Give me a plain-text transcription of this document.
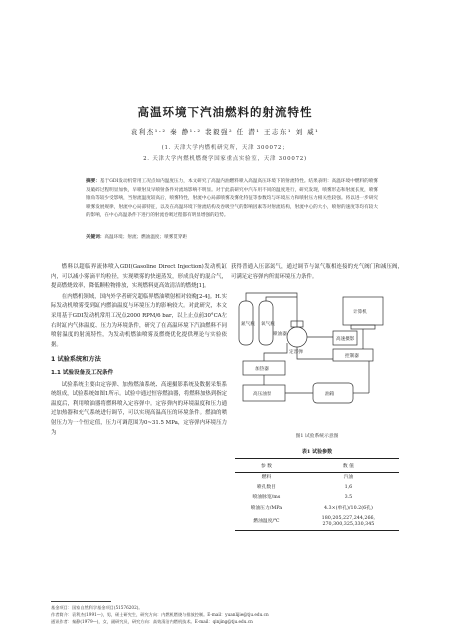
高温环境下汽油燃料的射流特性
袁利杰¹·² 秦 静¹·² 裴毅强² 任 潜¹ 王志东¹ 刘 威¹
(1. 天津大学内燃机研究所，天津 300072；
2. 天津大学内燃机燃烧学国家重点实验室，天津 300072)
摘要：基于GDI发动机常用工况点如内温度压力，本文研究了高温内油燃料喷入高温高压环境下的射流特性。结果表明：高温环境中燃料的喷雾及破碎过程明显加快，早喷射及早喷射条件对流场影响不明显。对于此前研究中汽车用不同的温度进行，研究发现，喷雾形态和射流长度，喷雾锥角等较少受影响，当射流温度较高后，喷雾特性，射流中心局部喷雾及雾化特征等参数均与环境压力和喷射压力相关性较强。将以进一步研究喷雾发展规律，射流中心局部特征，以及在高温环境下射流结构及卷吸空气的影响因素等对射流结构，射流中心的大小，喷射的速度等均有较大的影响，在中心高温条件下进行的射流卷吸过程都有明显增强的趋势。
关键词：高温环境；射流；燃油温度；喷雾贯穿距

燃料以超临界流体喷入GDI(Gasoline Direct Injection)发动机缸内，可以减小雾滴平均粒径，实现喷雾的快速蒸发，形成良好的混合气，提高燃烧效率，降低颗粒物排放，实现燃料更高效清洁的燃烧[1]。

在内燃机领域，国内外学者研究超临界燃油喷射相对较晚[2-4]。H.实际发动机喷雾受到缸内燃油温度与环境压力的影响较大。对此研究，本文采用基于GDI发动机常用工况点2000 RPM/6 bar，以上止点前30°CA左右时缸内气体温度、压力为环境条件，研究了在高温环境下汽油燃料不同喷射温度的射流特性，为发动机燃油喷雾及燃烧优化提供理论与实验依据。

1 试验系统和方法
1.1 试验设备及工况条件

试验系统主要由定容弹、加热燃油系统、高速摄影系统及数据采集系统组成，试验系统如图1所示。试验中通过恒容燃油器，将燃料加热到指定温度后，利用喷油器将燃料喷入定容弹中。定容弹内的环境温度和压力通过加热器和充气系统进行调节，可以实现高温高压的环境条件。燃油的喷射压力为一个恒定值，压力可调范围为0~31.5 MPa，定容弹内环境压力为

获得普通入压部氮气，通过调节与氮气瓶相连接的充气阀门和减压阀，可满足定容弹内所需环境压力条件。

氮气瓶 氧气瓶
定容弹
计算机
高速摄影
控制器
加热器
高压油泵	油箱
喷油器
图1 试验系统示意图
表1 试验参数
参 数	数 值
燃料	汽油
喷孔数目	1,6
喷油脉宽/ms	3.5
喷油压力/MPa	4.3×(单孔)/10.2(6孔)
燃油温度/℃	180,205,227,244,266,
270,300,325,330,345
基金项目：国家自然科学基金项目(51576202)。
作者简介：袁利杰(1991—)，男，硕士研究生，研究方向：内燃机燃烧与排放控制。E-mail：yuanlijie@tju.edu.cn
通讯作者：秦静(1979—)，女，副研究员，研究方向：高效清洁内燃机技术。E-mail：qinjing@tju.edu.cn
